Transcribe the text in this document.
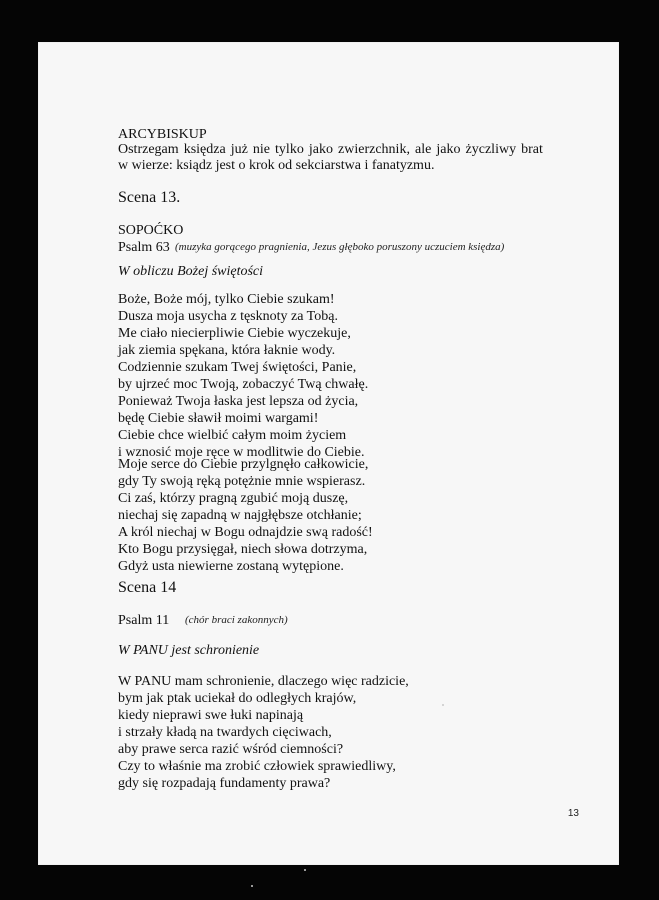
ARCYBISKUP
Ostrzegam księdza już nie tylko jako zwierzchnik, ale jako życzliwy brat
w wierze: ksiądz jest o krok od sekciarstwa i fanatyzmu.
Scena 13.
SOPOĆKO
Psalm 63 (muzyka gorącego pragnienia, Jezus głęboko poruszony uczuciem księdza)
W obliczu Bożej świętości
Boże, Boże mój, tylko Ciebie szukam!
Dusza moja usycha z tęsknoty za Tobą.
Me ciało niecierpliwie Ciebie wyczekuje,
jak ziemia spękana, która łaknie wody.
Codziennie szukam Twej świętości, Panie,
by ujrzeć moc Twoją, zobaczyć Twą chwałę.
Ponieważ Twoja łaska jest lepsza od życia,
będę Ciebie sławił moimi wargami!
Ciebie chce wielbić całym moim życiem
i wznosić moje ręce w modlitwie do Ciebie.
Moje serce do Ciebie przylgnęło całkowicie,
gdy Ty swoją ręką potężnie mnie wspierasz.
Ci zaś, którzy pragną zgubić moją duszę,
niechaj się zapadną w najgłębsze otchłanie;
A król niechaj w Bogu odnajdzie swą radość!
Kto Bogu przysięgał, niech słowa dotrzyma,
Gdyż usta niewierne zostaną wytępione.
Scena 14
Psalm 11 (chór braci zakonnych)
W PANU jest schronienie
W PANU mam schronienie, dlaczego więc radzicie,
bym jak ptak uciekał do odległych krajów,
kiedy nieprawi swe łuki napinają
i strzały kładą na twardych cięciwach,
aby prawe serca razić wśród ciemności?
Czy to właśnie ma zrobić człowiek sprawiedliwy,
gdy się rozpadają fundamenty prawa?
13
